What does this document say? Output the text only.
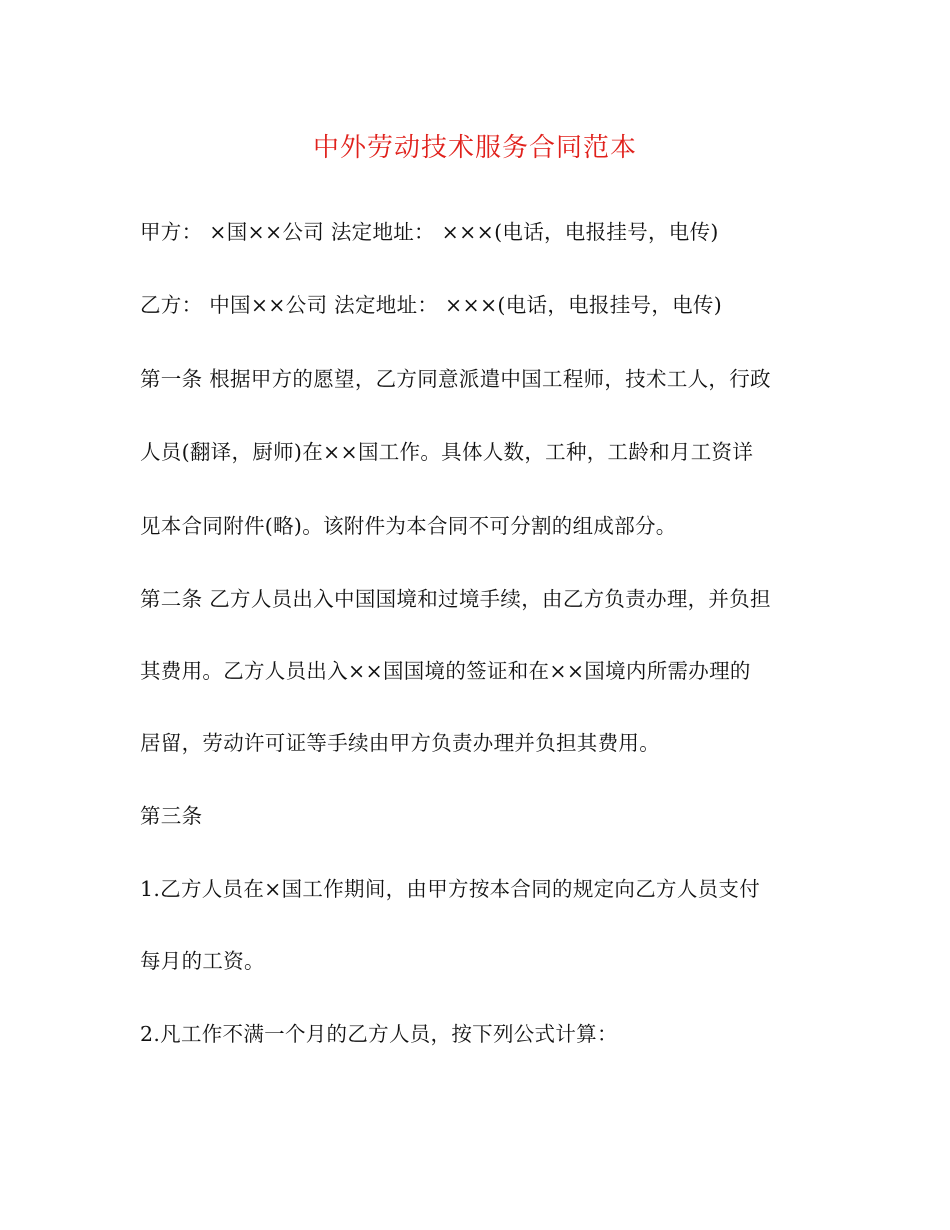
中外劳动技术服务合同范本
甲方： ×国××公司 法定地址： ×××(电话，电报挂号，电传)
乙方： 中国××公司 法定地址： ×××(电话，电报挂号，电传)
第一条 根据甲方的愿望，乙方同意派遣中国工程师，技术工人，行政
人员(翻译，厨师)在××国工作。具体人数，工种，工龄和月工资详
见本合同附件(略)。该附件为本合同不可分割的组成部分。
第二条 乙方人员出入中国国境和过境手续，由乙方负责办理，并负担
其费用。乙方人员出入××国国境的签证和在××国境内所需办理的
居留，劳动许可证等手续由甲方负责办理并负担其费用。
第三条
1.乙方人员在×国工作期间，由甲方按本合同的规定向乙方人员支付
每月的工资。
2.凡工作不满一个月的乙方人员，按下列公式计算：
